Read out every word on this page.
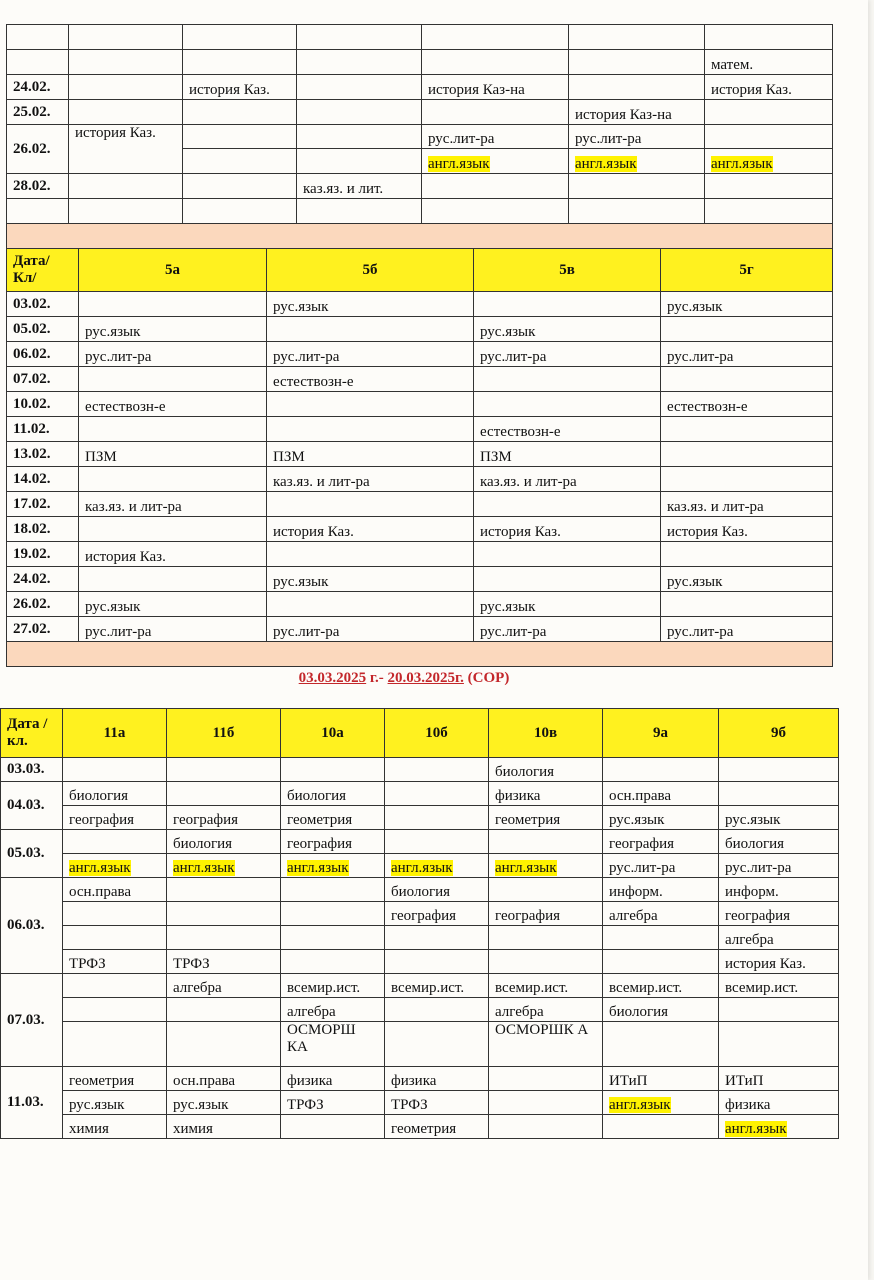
						матем.
24.02.		история Каз.		история Каз-на		история Каз.
25.02.					история Каз-на	
26.02.	история Каз.			рус.лит-ра	рус.лит-ра	
				англ.язык	англ.язык	англ.язык
28.02.			каз.яз. и лит.			

Дата/ Кл/	5а	5б	5в	5г
03.02.		рус.язык		рус.язык
05.02.	рус.язык		рус.язык	
06.02.	рус.лит-ра	рус.лит-ра	рус.лит-ра	рус.лит-ра
07.02.		естествозн-е		
10.02.	естествозн-е			естествозн-е
11.02.			естествозн-е	
13.02.	ПЗМ	ПЗМ	ПЗМ	
14.02.		каз.яз. и лит-ра	каз.яз. и лит-ра	
17.02.	каз.яз. и лит-ра			каз.яз. и лит-ра
18.02.		история Каз.	история Каз.	история Каз.
19.02.	история Каз.			
24.02.		рус.язык		рус.язык
26.02.	рус.язык		рус.язык	
27.02.	рус.лит-ра	рус.лит-ра	рус.лит-ра	рус.лит-ра

03.03.2025 г.- 20.03.2025г. (СОР)
Дата /кл.	11а	11б	10а	10б	10в	9а	9б
03.03.					биология		
04.03.	биология		биология		физика	осн.права	
	география	география	геометрия		геометрия	рус.язык	рус.язык
05.03.		биология	география			география	биология
	англ.язык	англ.язык	англ.язык	англ.язык	англ.язык	рус.лит-ра	рус.лит-ра
06.03.	осн.права			биология		информ.	информ.
				география	география	алгебра	география
							алгебра
	ТРФЗ	ТРФЗ					история Каз.
07.03.		алгебра	всемир.ист.	всемир.ист.	всемир.ист.	всемир.ист.	всемир.ист.
			алгебра		алгебра	биология	
			ОСМОРШ КА		ОСМОРШК А		
11.03.	геометрия	осн.права	физика	физика		ИТиП	ИТиП
	рус.язык	рус.язык	ТРФЗ	ТРФЗ		англ.язык	физика
	химия	химия		геометрия			англ.язык
